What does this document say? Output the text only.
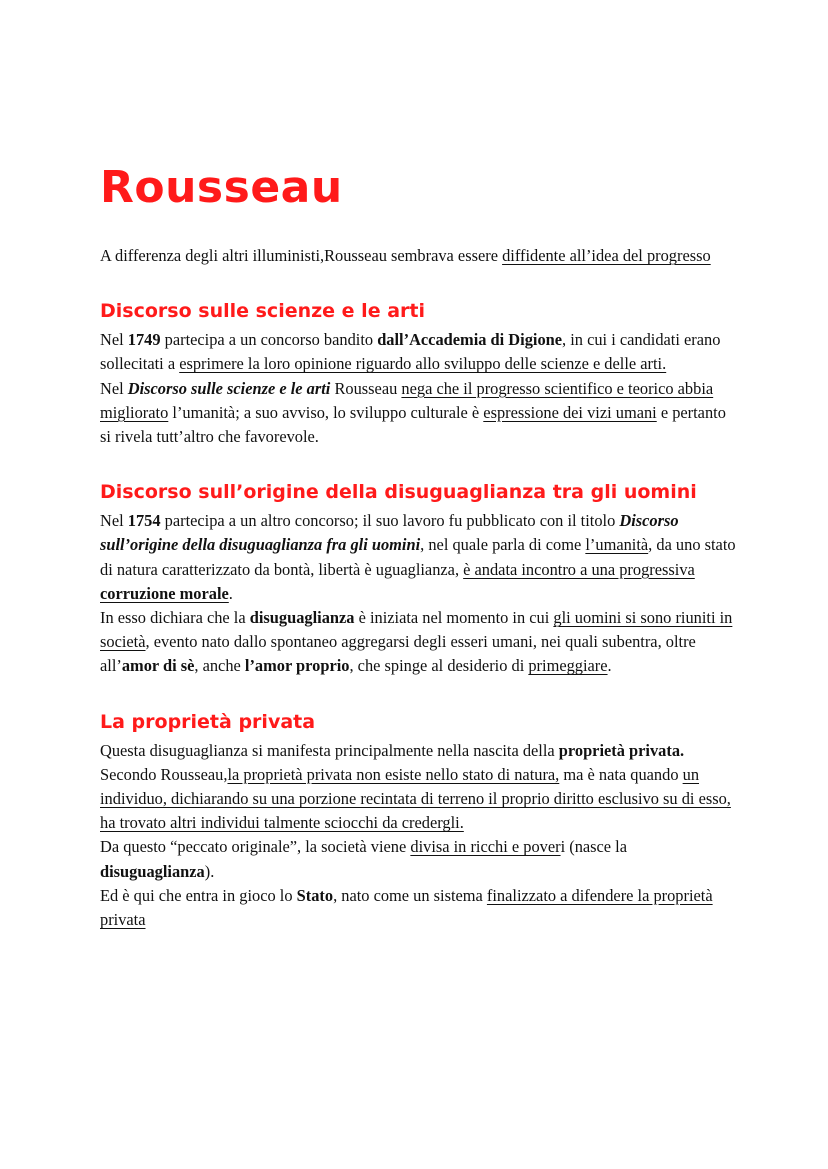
Rousseau

A differenza degli altri illuministi,Rousseau sembrava essere diffidente all’idea del progresso

Discorso sulle scienze e le arti

Nel 1749 partecipa a un concorso bandito dall’Accademia di Digione, in cui i candidati erano sollecitati a esprimere la loro opinione riguardo allo sviluppo delle scienze e delle arti.

Nel Discorso sulle scienze e le arti Rousseau nega che il progresso scientifico e teorico abbia migliorato l’umanità; a suo avviso, lo sviluppo culturale è espressione dei vizi umani e pertanto si rivela tutt’altro che favorevole.

Discorso sull’origine della disuguaglianza tra gli uomini

Nel 1754 partecipa a un altro concorso; il suo lavoro fu pubblicato con il titolo Discorso sull’origine della disuguaglianza fra gli uomini, nel quale parla di come l’umanità, da uno stato di natura caratterizzato da bontà, libertà è uguaglianza, è andata incontro a una progressiva corruzione morale.

In esso dichiara che la disuguaglianza è iniziata nel momento in cui gli uomini si sono riuniti in società, evento nato dallo spontaneo aggregarsi degli esseri umani, nei quali subentra, oltre all’amor di sè, anche l’amor proprio, che spinge al desiderio di primeggiare.

La proprietà privata

Questa disuguaglianza si manifesta principalmente nella nascita della proprietà privata.

Secondo Rousseau,la proprietà privata non esiste nello stato di natura, ma è nata quando un individuo, dichiarando su una porzione recintata di terreno il proprio diritto esclusivo su di esso, ha trovato altri individui talmente sciocchi da credergli.

Da questo “peccato originale”, la società viene divisa in ricchi e poveri (nasce la disuguaglianza).

Ed è qui che entra in gioco lo Stato, nato come un sistema finalizzato a difendere la proprietà privata
